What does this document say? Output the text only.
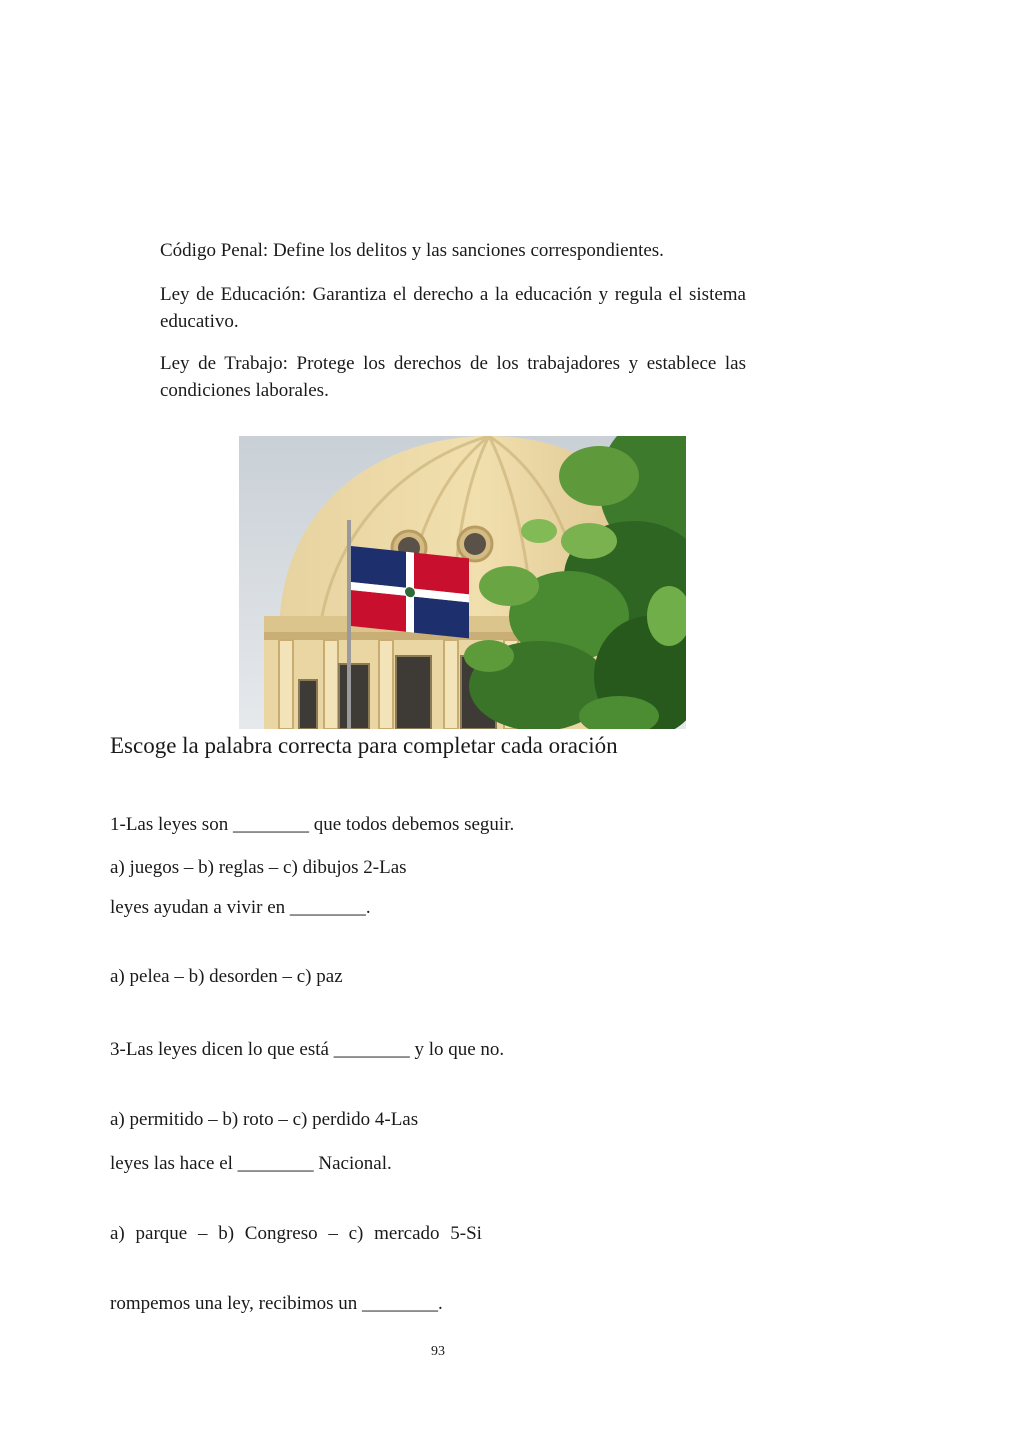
Código Penal: Define los delitos y las sanciones correspondientes.

Ley de Educación: Garantiza el derecho a la educación y regula el sistema educativo.

Ley de Trabajo: Protege los derechos de los trabajadores y establece las condiciones laborales.

Escoge la palabra correcta para completar cada oración

1-Las leyes son ________ que todos debemos seguir.

a) juegos – b) reglas – c) dibujos 2-Las

leyes ayudan a vivir en ________.

a) pelea – b) desorden – c) paz

3-Las leyes dicen lo que está ________ y lo que no.

a) permitido – b) roto – c) perdido 4-Las

leyes las hace el ________ Nacional.

a) parque – b) Congreso – c) mercado 5-Si

rompemos una ley, recibimos un ________.

93
